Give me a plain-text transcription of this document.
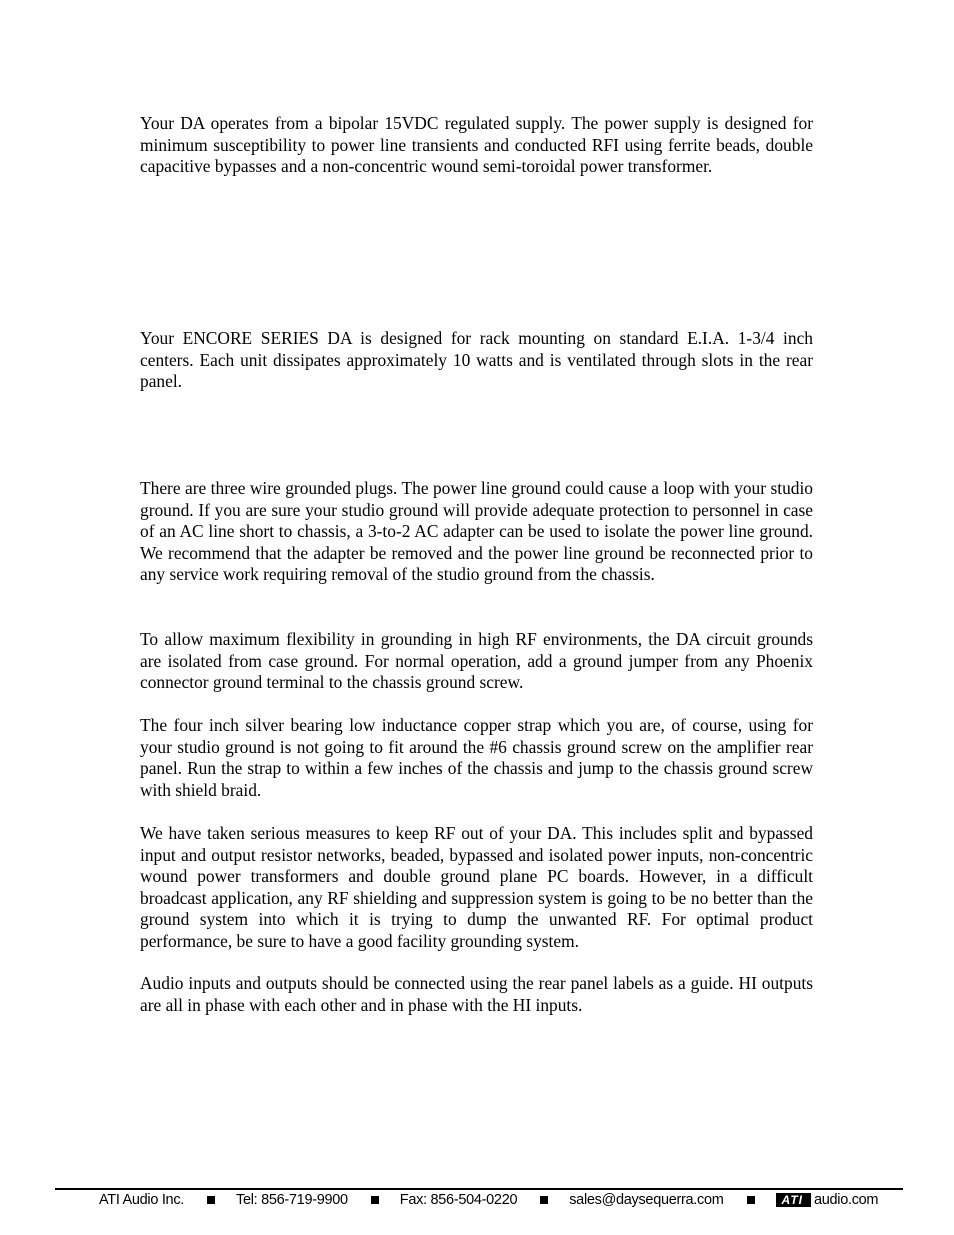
Your DA operates from a bipolar 15VDC regulated supply. The power supply is designed for minimum susceptibility to power line transients and conducted RFI using ferrite beads, double capacitive bypasses and a non-concentric wound semi-toroidal power transformer.

Your ENCORE SERIES DA is designed for rack mounting on standard E.I.A. 1-3/4 inch centers. Each unit dissipates approximately 10 watts and is ventilated through slots in the rear panel.

There are three wire grounded plugs. The power line ground could cause a loop with your studio ground. If you are sure your studio ground will provide adequate protection to personnel in case of an AC line short to chassis, a 3-to-2 AC adapter can be used to isolate the power line ground. We recommend that the adapter be removed and the power line ground be reconnected prior to any service work requiring removal of the studio ground from the chassis.

To allow maximum flexibility in grounding in high RF environments, the DA circuit grounds are isolated from case ground. For normal operation, add a ground jumper from any Phoenix connector ground terminal to the chassis ground screw.

The four inch silver bearing low inductance copper strap which you are, of course, using for your studio ground is not going to fit around the #6 chassis ground screw on the amplifier rear panel. Run the strap to within a few inches of the chassis and jump to the chassis ground screw with shield braid.

We have taken serious measures to keep RF out of your DA. This includes split and bypassed input and output resistor networks, beaded, bypassed and isolated power inputs, non-concentric wound power transformers and double ground plane PC boards. However, in a difficult broadcast application, any RF shielding and suppression system is going to be no better than the ground system into which it is trying to dump the unwanted RF. For optimal product performance, be sure to have a good facility grounding system.

Audio inputs and outputs should be connected using the rear panel labels as a guide. HI outputs are all in phase with each other and in phase with the HI inputs.

ATI Audio Inc.	Tel: 856-719-9900	Fax: 856-504-0220	sales@daysequerra.com	ATI audio.com
